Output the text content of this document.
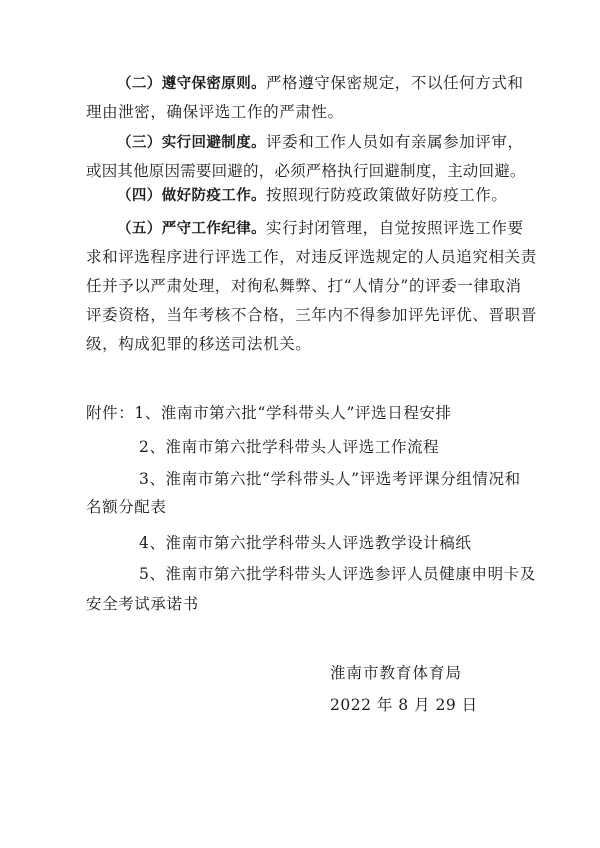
（二）遵守保密原则。严格遵守保密规定，不以任何方式和
理由泄密，确保评选工作的严肃性。
（三）实行回避制度。评委和工作人员如有亲属参加评审，
或因其他原因需要回避的，必须严格执行回避制度，主动回避。
（四）做好防疫工作。按照现行防疫政策做好防疫工作。
（五）严守工作纪律。实行封闭管理，自觉按照评选工作要
求和评选程序进行评选工作，对违反评选规定的人员追究相关责
任并予以严肃处理，对徇私舞弊、打“人情分”的评委一律取消
评委资格，当年考核不合格，三年内不得参加评先评优、晋职晋
级，构成犯罪的移送司法机关。
附件：1、淮南市第六批“学科带头人”评选日程安排
2、淮南市第六批学科带头人评选工作流程
3、淮南市第六批“学科带头人”评选考评课分组情况和
名额分配表
4、淮南市第六批学科带头人评选教学设计稿纸
5、淮南市第六批学科带头人评选参评人员健康申明卡及
安全考试承诺书
淮南市教育体育局
2022 年 8 月 29 日
